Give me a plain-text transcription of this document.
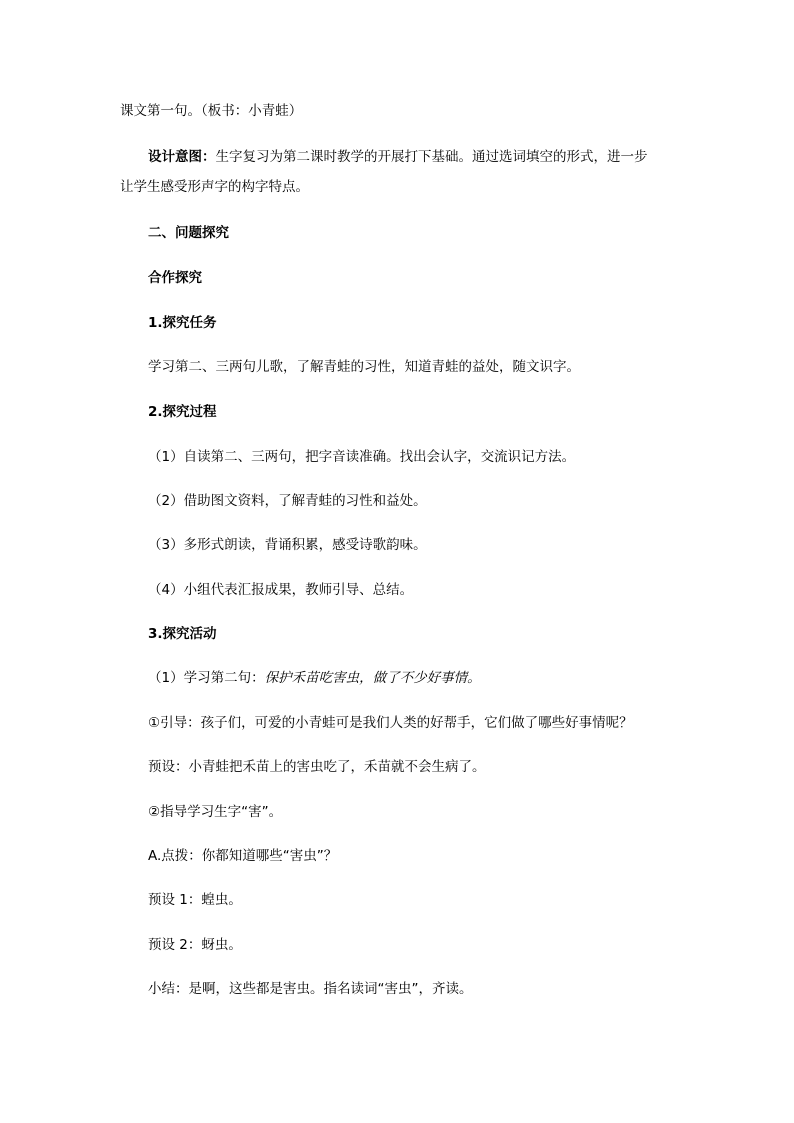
课文第一句。（板书：小青蛙）
设计意图：生字复习为第二课时教学的开展打下基础。通过选词填空的形式，进一步
让学生感受形声字的构字特点。
二、问题探究
合作探究
1.探究任务
学习第二、三两句儿歌，了解青蛙的习性，知道青蛙的益处，随文识字。
2.探究过程
（1）自读第二、三两句，把字音读准确。找出会认字，交流识记方法。
（2）借助图文资料，了解青蛙的习性和益处。
（3）多形式朗读，背诵积累，感受诗歌韵味。
（4）小组代表汇报成果，教师引导、总结。
3.探究活动
（1）学习第二句：保护禾苗吃害虫，做了不少好事情。
①引导：孩子们，可爱的小青蛙可是我们人类的好帮手，它们做了哪些好事情呢？
预设：小青蛙把禾苗上的害虫吃了，禾苗就不会生病了。
②指导学习生字“害”。
A.点拨：你都知道哪些“害虫”？
预设 1：蝗虫。
预设 2：蚜虫。
小结：是啊，这些都是害虫。指名读词“害虫”，齐读。
